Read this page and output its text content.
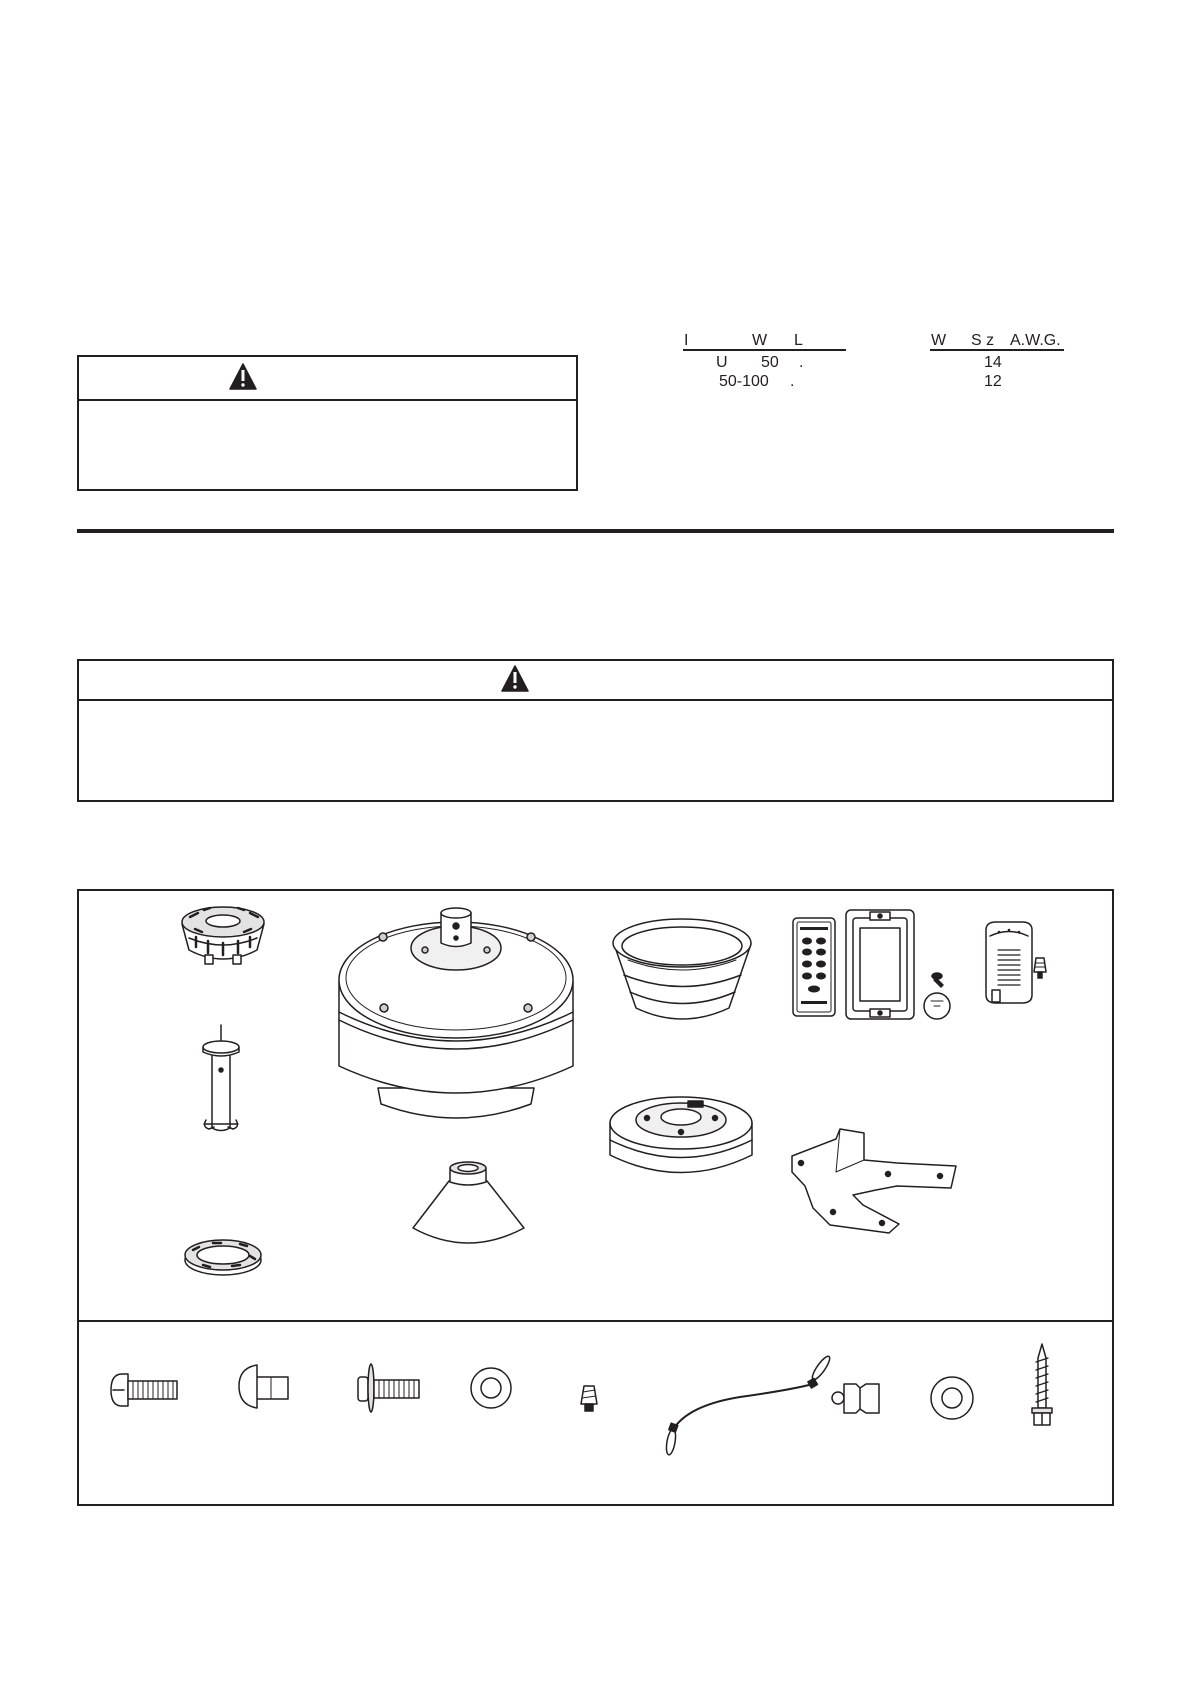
I	W L	W S z A.W.G.
U 50 .	14
50-100 .	12
